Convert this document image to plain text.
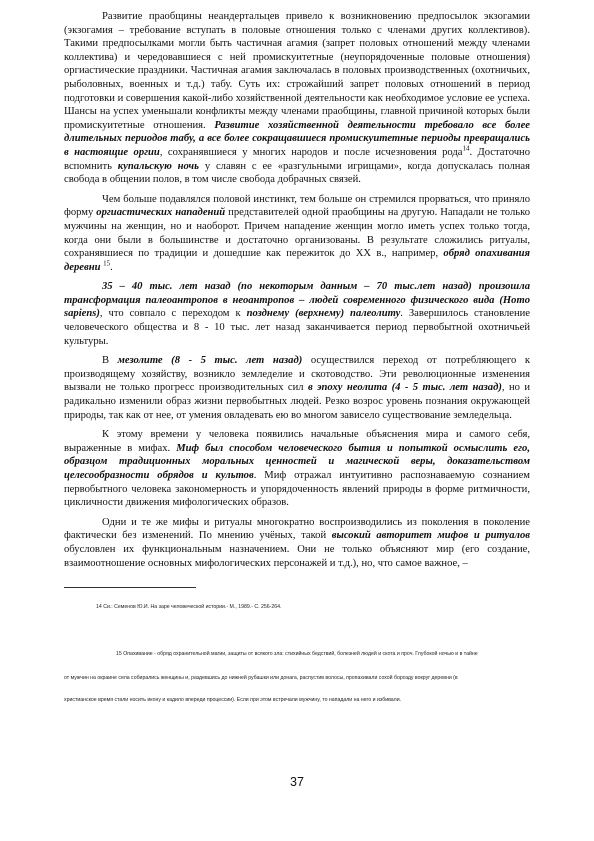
Развитие праобщины неандертальцев привело к возникновению предпосылок экзогамии (экзогамия – требование вступать в половые отношения только с членами других коллективов). Такими предпосылками могли быть частичная агамия (запрет половых отношений между членами коллектива) и чередовавшиеся с ней промискуитетные (неупорядоченные половые отношения) оргиастические праздники. Частичная агамия заключалась в половых производственных (охотничьих, рыболовных, военных и т.д.) табу. Суть их: строжайший запрет половых отношений в период подготовки и совершения какой-либо хозяйственной деятельности как необходимое условие ее успеха. Шансы на успех уменьшали конфликты между членами праобщины, главной причиной которых были промискуитетные отношения. Развитие хозяйственной деятельности требовало все более длительных периодов табу, а все более сокращавшиеся промискуитетные периоды превращались в настоящие оргии, сохранявшиеся у многих народов и после исчезновения рода$^{14}$. Достаточно вспомнить купальскую ночь у славян с ее «разгульными игрищами», когда допускалась полная свобода в общении полов, в том числе свобода добрачных связей.

Чем больше подавлялся половой инстинкт, тем больше он стремился прорваться, что приняло форму оргиастических нападений представителей одной праобщины на другую. Нападали не только мужчины на женщин, но и наоборот. Причем нападение женщин могло иметь успех только тогда, когда они были в большинстве и достаточно организованы. В результате сложились ритуалы, сохранявшиеся по традиции и дошедшие как пережиток до XX в., например, обряд опахивания деревни $^{15}$.

35 – 40 тыс. лет назад (по некоторым данным – 70 тыс.лет назад) произошла трансформация палеоантропов в неоантропов – людей современного физического вида (Homo sapiens), что совпало с переходом к позднему (верхнему) палеолиту. Завершилось становление человеческого общества и 8 - 10 тыс. лет назад заканчивается период первобытной охотничьей культуры.

В мезолите (8 - 5 тыс. лет назад) осуществился переход от потребляющего к производящему хозяйству, возникло земледелие и скотоводство. Эти революционные изменения вызвали не только прогресс производительных сил в эпоху неолита (4 - 5 тыс. лет назад), но и радикально изменили образ жизни первобытных людей. Резко возрос уровень познания окружающей природы, так как от нее, от умения овладевать ею во многом зависело существование земледельца.

К этому времени у человека появились начальные объяснения мира и самого себя, выраженные в мифах. Миф был способом человеческого бытия и попыткой осмыслить его, образцом традиционных моральных ценностей и магической веры, доказательством целесообразности обрядов и культов. Миф отражал интуитивно распознаваемую сознанием первобытного человека закономерность и упорядоченность явлений природы в форме ритмичности, цикличности движения мифологических образов.

Одни и те же мифы и ритуалы многократно воспроизводились из поколения в поколение фактически без изменений. По мнению учёных, такой высокий авторитет мифов и ритуалов обусловлен их функциональным назначением. Они не только объясняют мир (его создание, взаимоотношение основных мифологических персонажей и т.д.), но, что самое важное, –

14 Си.: Семенов Ю.И. На заре человеческой истории.- М., 1989.- С. 256-264.
15 Опахивание - обряд охранительной магии, защиты от всякого зла: стихийных бедствий, болезней людей и скота и проч. Глубокой ночью и в тайне
от мужчин на окраине села собирались женщины и, раздевшись до нижней рубашки или донага, распустив волосы, пропахивали сохой борозду вокруг деревни (в
христианское время стали носить икону и кадило впереди процессии). Если при этом встречали мужчину, то нападали на него и избивали.
37
